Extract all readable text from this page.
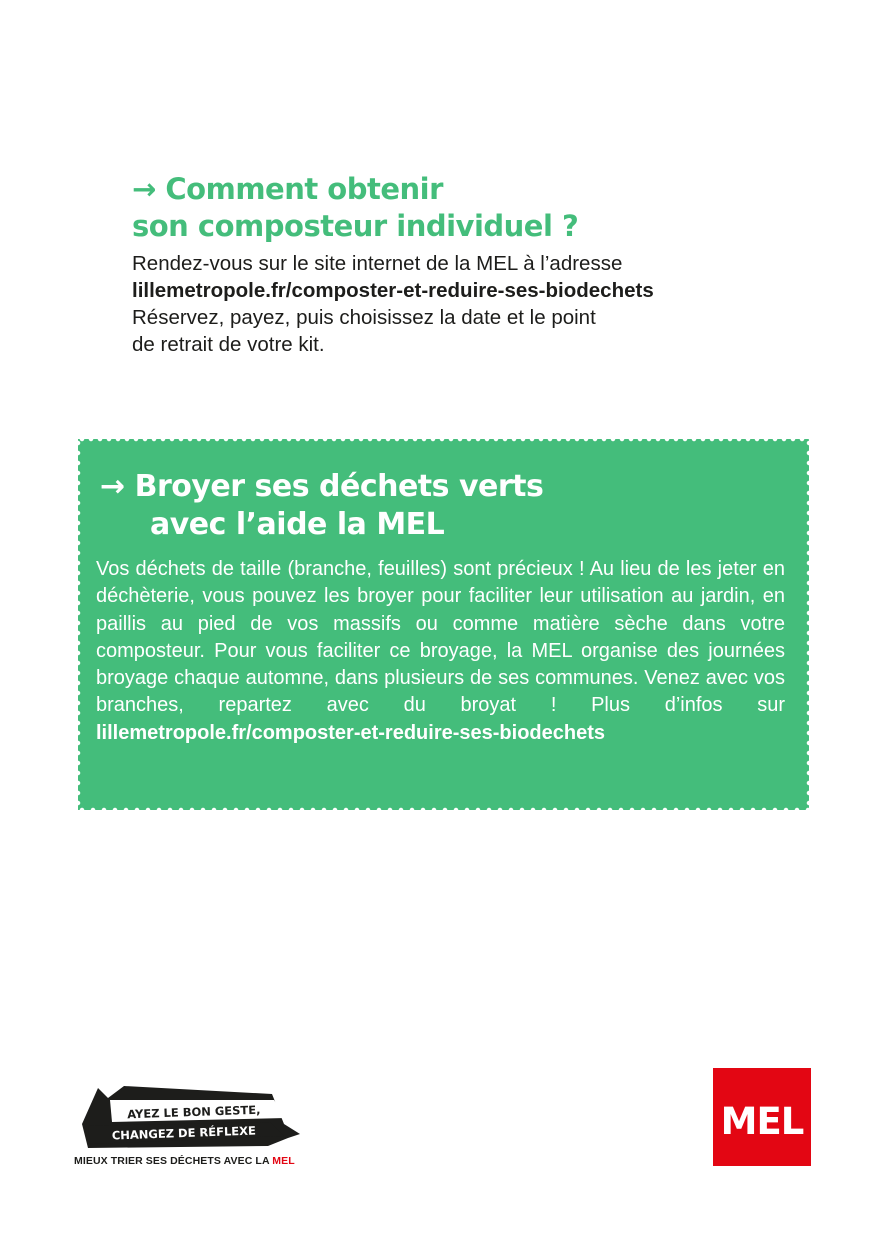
→ Comment obtenir
son composteur individuel ?

Rendez-vous sur le site internet de la MEL à l’adresse
lillemetropole.fr/composter-et-reduire-ses-biodechets
Réservez, payez, puis choisissez la date et le point
de retrait de votre kit.

→ Broyer ses déchets verts
avec l’aide la MEL

Vos déchets de taille (branche, feuilles) sont précieux ! Au lieu de les jeter en déchèterie, vous pouvez les broyer pour faciliter leur utilisation au jardin, en paillis au pied de vos massifs ou comme matière sèche dans votre composteur. Pour vous faciliter ce broyage, la MEL organise des journées broyage chaque automne, dans plusieurs de ses communes. Venez avec vos branches, repartez avec du broyat ! Plus d’infos sur lillemetropole.fr/composter-et-reduire-ses-biodechets

AYEZ LE BON GESTE,
CHANGEZ DE RÉFLEXE
MIEUX TRIER SES DÉCHETS AVEC LA MEL
MEL
